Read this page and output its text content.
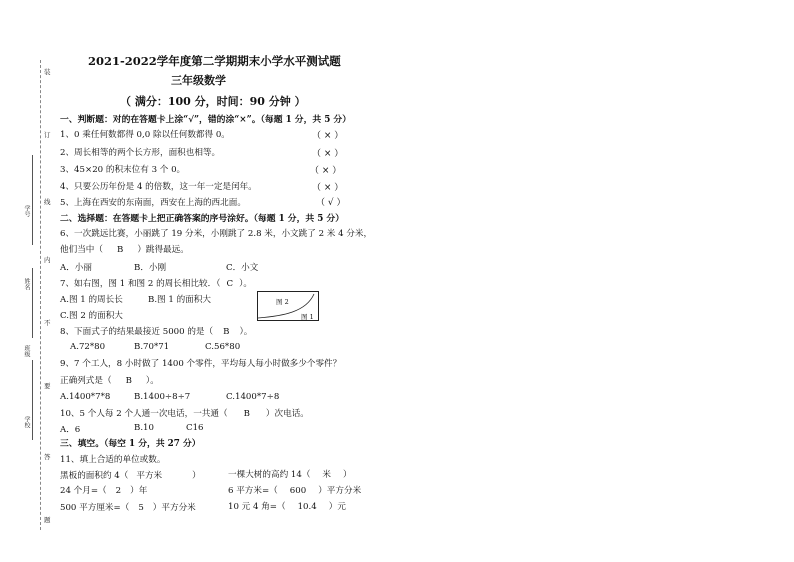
装
订
线
内
不
要
答
题
学号
姓名
班级
学校
2021-2022学年度第二学期期末小学水平测试题
三年级数学
（ 满分：100 分，时间：90 分钟 ）
一、判断题：对的在答题卡上涂“√”，错的涂“×”。（每题 1 分，共 5 分）
1、0 乘任何数都得 0,0 除以任何数都得 0。	（ × ）
2、周长相等的两个长方形，面积也相等。	（ × ）
3、45×20 的积末位有 3 个 0。	（ × ）
4、只要公历年份是 4 的倍数，这一年一定是闰年。	（ × ）
5、上海在西安的东南面，西安在上海的西北面。	（ √ ）
二、选择题：在答题卡上把正确答案的序号涂好。（每题 1 分，共 5 分）
6、一次跳远比赛，小丽跳了 19 分米，小刚跳了 2.8 米，小文跳了 2 米 4 分米，
他们当中（ B ）跳得最远。
A．小丽	B．小刚	C．小文
7、如右图，图 1 和图 2 的周长相比较．（ C ）。
A.图 1 的周长长	B.图 1 的面积大
C.图 2 的面积大
图 2
图 1
8、下面式子的结果最接近 5000 的是（ B ）。
A.72*80	B.70*71	C.56*80
9、7 个工人，8 小时做了 1400 个零件，平均每人每小时做多少个零件？
正确列式是（ B ）。
A.1400*7*8	B.1400÷8÷7	C.1400*7÷8
10、5 个人每 2 个人通一次电话，一共通（ B ）次电话。
A．6	B.10	C16
三、填空。（每空 1 分，共 27 分）
11、填上合适的单位或数。
黑板的面积约 4（ 平方米	）	一棵大树的高约 14（ 米 ）
24 个月=（ 2 ）年	6 平方米=（ 600 ）平方分米
500 平方厘米=（ 5 ）平方分米	10 元 4 角=（ 10.4 ）元
